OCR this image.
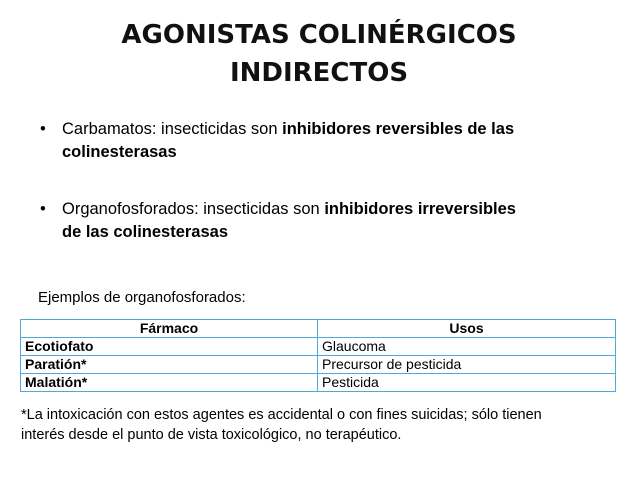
AGONISTAS COLINÉRGICOS
INDIRECTOS
• Carbamatos: insecticidas son inhibidores reversibles de las
colinesterasas
• Organofosforados: insecticidas son inhibidores irreversibles
de las colinesterasas
Ejemplos de organofosforados:
Fármaco	Usos
Ecotiofato	Glaucoma
Paratión*	Precursor de pesticida
Malatión*	Pesticida
*La intoxicación con estos agentes es accidental o con fines suicidas; sólo tienen
interés desde el punto de vista toxicológico, no terapéutico.
